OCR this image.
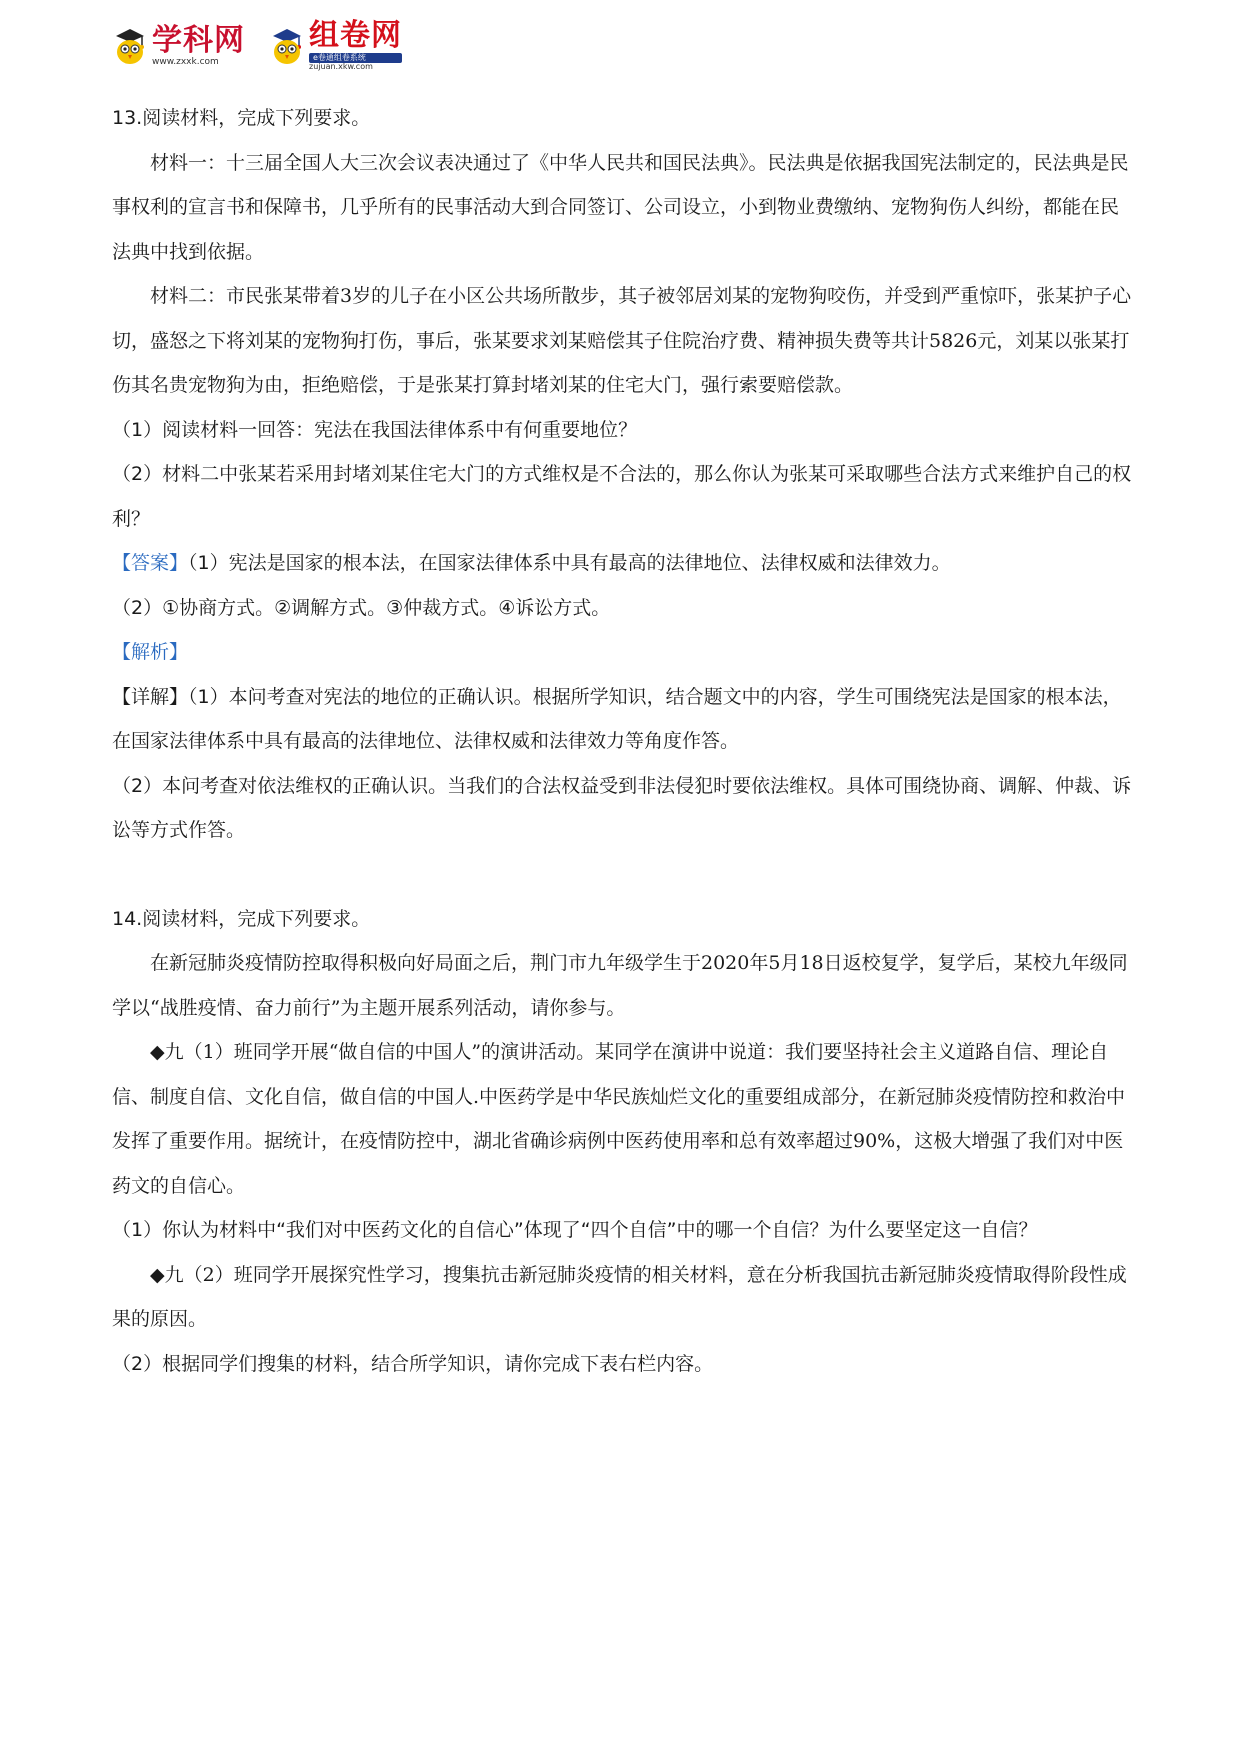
学科网
www.zxxk.com
组卷网
e卷通组卷系统
zujuan.xkw.com

13.阅读材料，完成下列要求。

材料一：十三届全国人大三次会议表决通过了《中华人民共和国民法典》。民法典是依据我国宪法制定的，民法典是民事权利的宣言书和保障书，几乎所有的民事活动大到合同签订、公司设立，小到物业费缴纳、宠物狗伤人纠纷，都能在民法典中找到依据。

材料二：市民张某带着3岁的儿子在小区公共场所散步，其子被邻居刘某的宠物狗咬伤，并受到严重惊吓，张某护子心切，盛怒之下将刘某的宠物狗打伤，事后，张某要求刘某赔偿其子住院治疗费、精神损失费等共计5826元，刘某以张某打伤其名贵宠物狗为由，拒绝赔偿，于是张某打算封堵刘某的住宅大门，强行索要赔偿款。

（1）阅读材料一回答：宪法在我国法律体系中有何重要地位？

（2）材料二中张某若采用封堵刘某住宅大门的方式维权是不合法的，那么你认为张某可采取哪些合法方式来维护自己的权利？

【答案】（1）宪法是国家的根本法，在国家法律体系中具有最高的法律地位、法律权威和法律效力。

（2）①协商方式。②调解方式。③仲裁方式。④诉讼方式。

【解析】

【详解】（1）本问考查对宪法的地位的正确认识。根据所学知识，结合题文中的内容，学生可围绕宪法是国家的根本法，在国家法律体系中具有最高的法律地位、法律权威和法律效力等角度作答。

（2）本问考查对依法维权的正确认识。当我们的合法权益受到非法侵犯时要依法维权。具体可围绕协商、调解、仲裁、诉讼等方式作答。

14.阅读材料，完成下列要求。

在新冠肺炎疫情防控取得积极向好局面之后，荆门市九年级学生于2020年5月18日返校复学，复学后，某校九年级同学以“战胜疫情、奋力前行”为主题开展系列活动，请你参与。

◆九（1）班同学开展“做自信的中国人”的演讲活动。某同学在演讲中说道：我们要坚持社会主义道路自信、理论自信、制度自信、文化自信，做自信的中国人.中医药学是中华民族灿烂文化的重要组成部分，在新冠肺炎疫情防控和救治中发挥了重要作用。据统计，在疫情防控中，湖北省确诊病例中医药使用率和总有效率超过90%，这极大增强了我们对中医药文的自信心。

（1）你认为材料中“我们对中医药文化的自信心”体现了“四个自信”中的哪一个自信？为什么要坚定这一自信？

◆九（2）班同学开展探究性学习，搜集抗击新冠肺炎疫情的相关材料，意在分析我国抗击新冠肺炎疫情取得阶段性成果的原因。

（2）根据同学们搜集的材料，结合所学知识，请你完成下表右栏内容。
